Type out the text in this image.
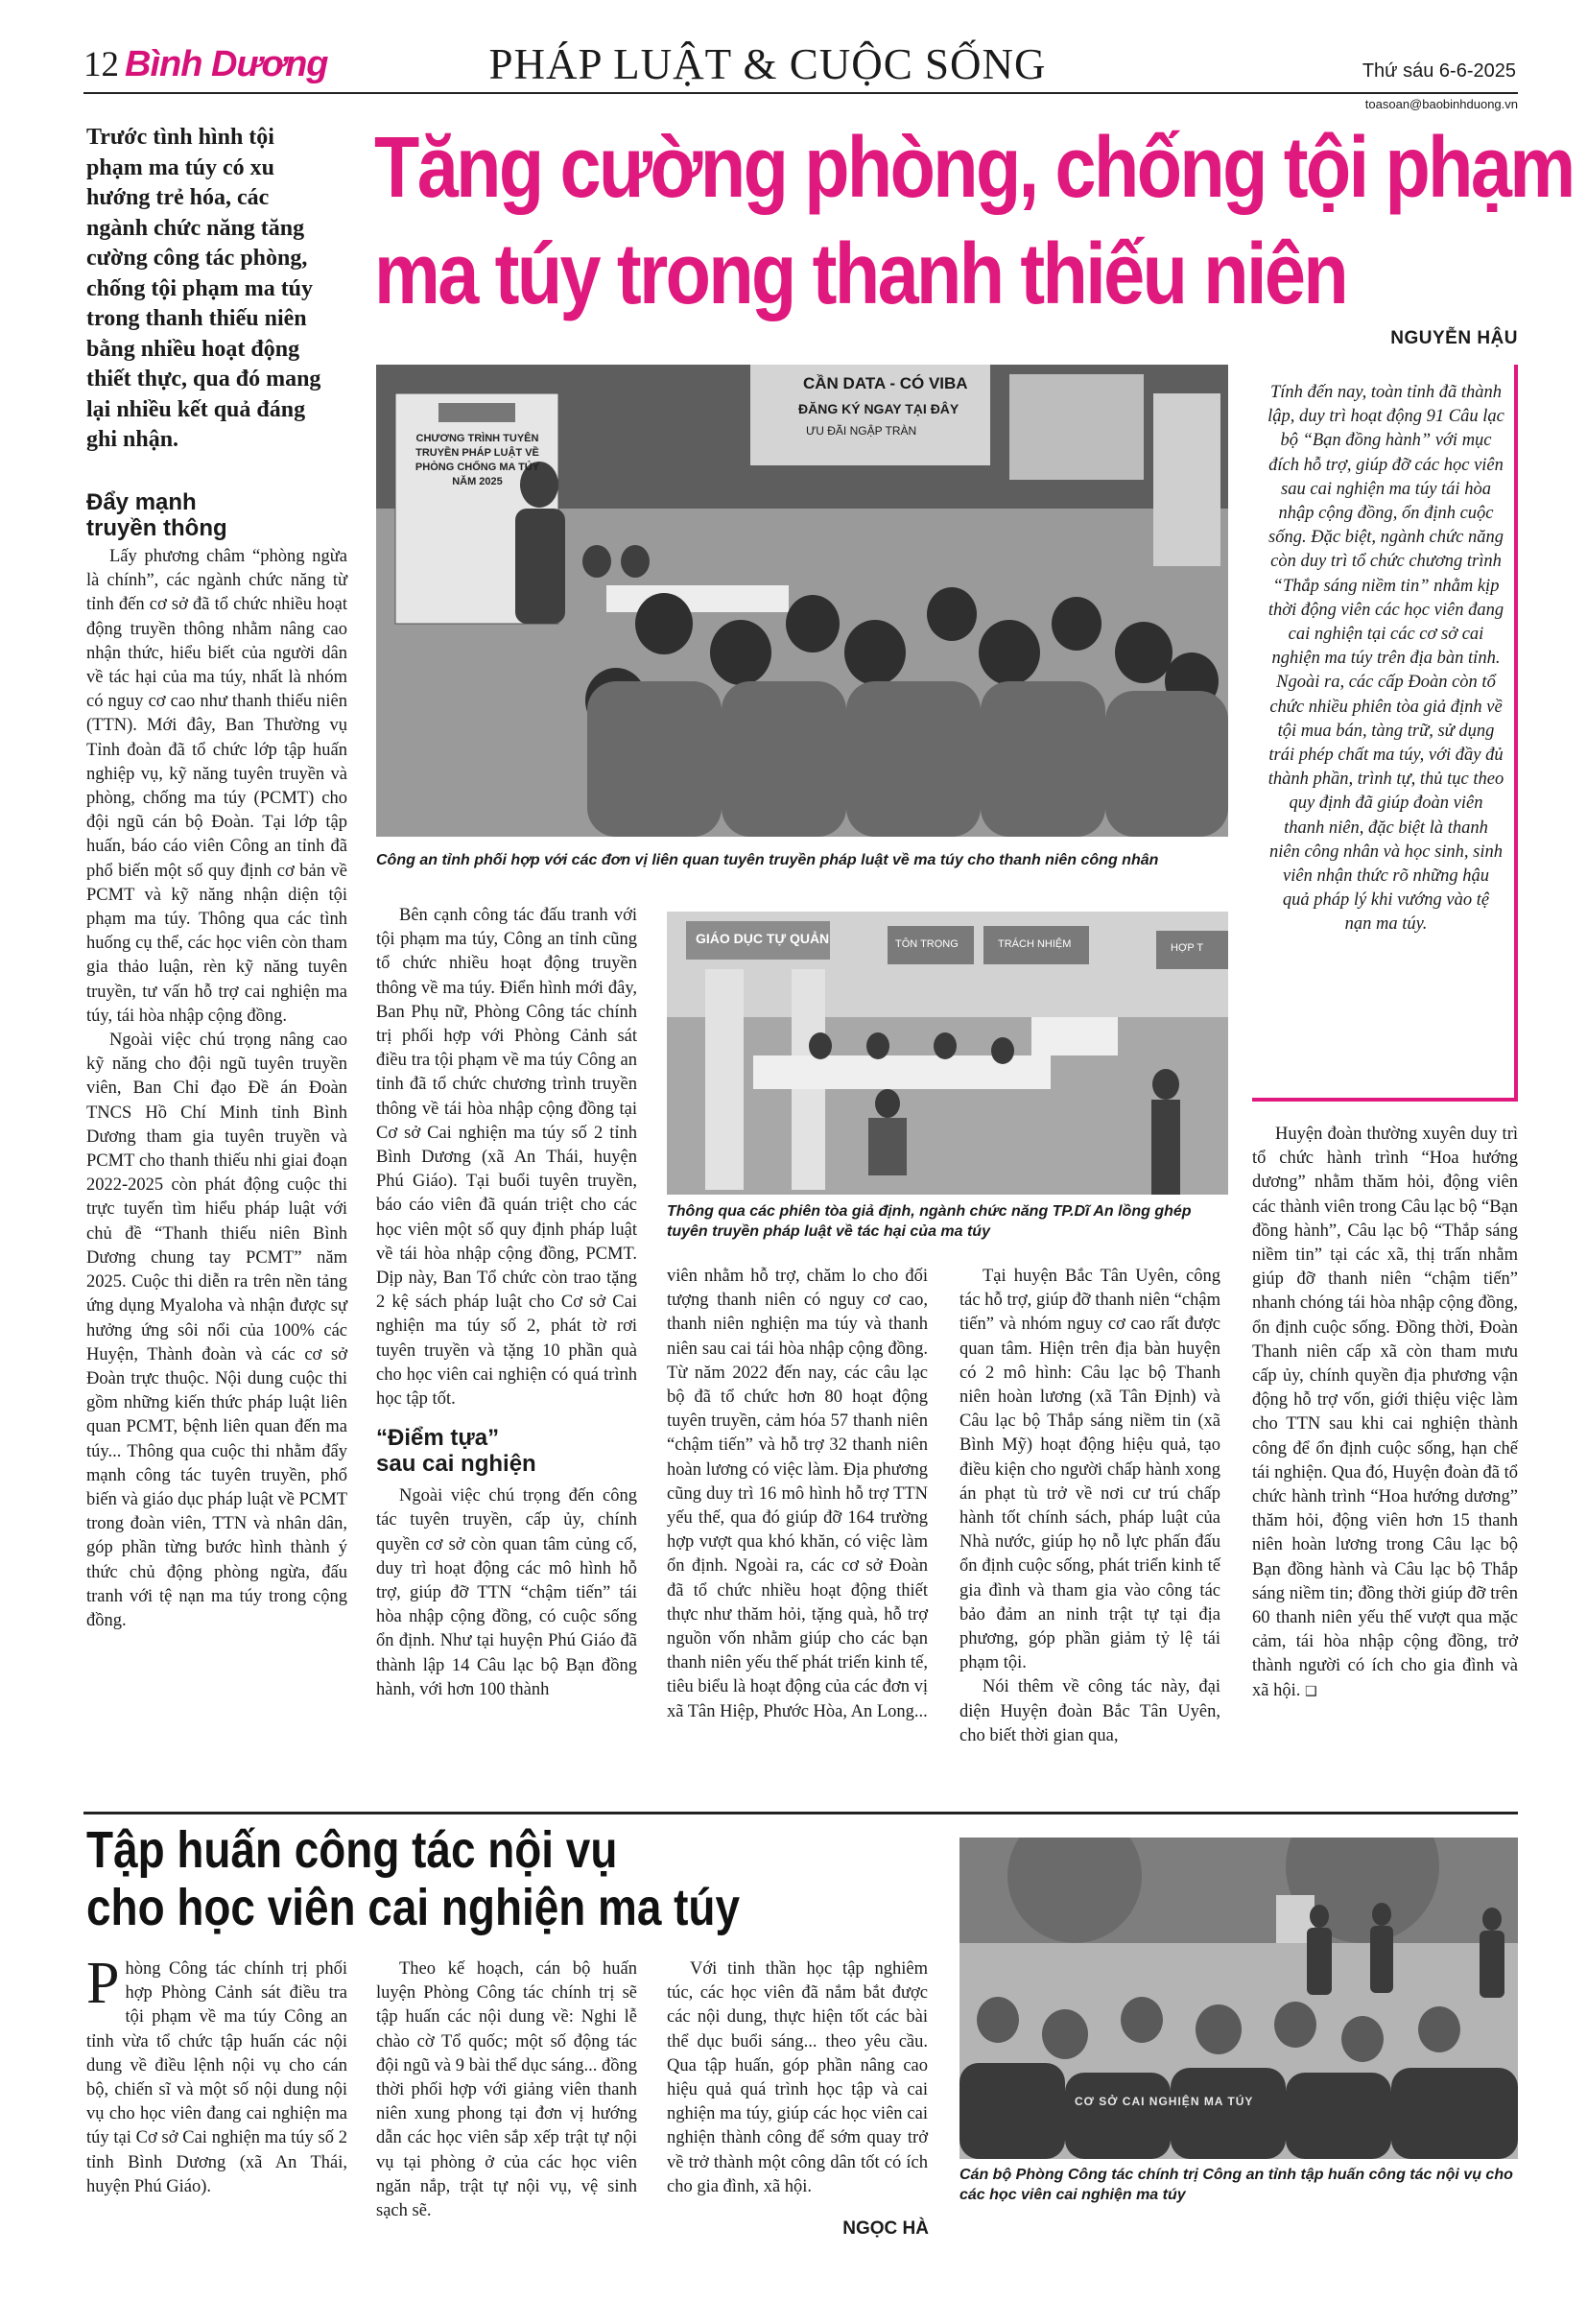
12 Bình Dương	PHÁP LUẬT & CUỘC SỐNG	Thứ sáu 6-6-2025
toasoan@baobinhduong.vn
Tăng cường phòng, chống tội phạm
ma túy trong thanh thiếu niên
NGUYỄN HẬU
Trước tình hình tội phạm ma túy có xu hướng trẻ hóa, các ngành chức năng tăng cường công tác phòng, chống tội phạm ma túy trong thanh thiếu niên bằng nhiều hoạt động thiết thực, qua đó mang lại nhiều kết quả đáng ghi nhận.
Đẩy mạnh
truyền thông

Lấy phương châm “phòng ngừa là chính”, các ngành chức năng từ tỉnh đến cơ sở đã tổ chức nhiều hoạt động truyền thông nhằm nâng cao nhận thức, hiểu biết của người dân về tác hại của ma túy, nhất là nhóm có nguy cơ cao như thanh thiếu niên (TTN). Mới đây, Ban Thường vụ Tỉnh đoàn đã tổ chức lớp tập huấn nghiệp vụ, kỹ năng tuyên truyền và phòng, chống ma túy (PCMT) cho đội ngũ cán bộ Đoàn. Tại lớp tập huấn, báo cáo viên Công an tỉnh đã phổ biến một số quy định cơ bản về PCMT và kỹ năng nhận diện tội phạm ma túy. Thông qua các tình huống cụ thể, các học viên còn tham gia thảo luận, rèn kỹ năng tuyên truyền, tư vấn hỗ trợ cai nghiện ma túy, tái hòa nhập cộng đồng.

Ngoài việc chú trọng nâng cao kỹ năng cho đội ngũ tuyên truyền viên, Ban Chỉ đạo Đề án Đoàn TNCS Hồ Chí Minh tỉnh Bình Dương tham gia tuyên truyền và PCMT cho thanh thiếu nhi giai đoạn 2022-2025 còn phát động cuộc thi trực tuyến tìm hiểu pháp luật với chủ đề “Thanh thiếu niên Bình Dương chung tay PCMT” năm 2025. Cuộc thi diễn ra trên nền tảng ứng dụng Myaloha và nhận được sự hưởng ứng sôi nổi của 100% các Huyện, Thành đoàn và các cơ sở Đoàn trực thuộc. Nội dung cuộc thi gồm những kiến thức pháp luật liên quan PCMT, bệnh liên quan đến ma túy... Thông qua cuộc thi nhằm đẩy mạnh công tác tuyên truyền, phổ biến và giáo dục pháp luật về PCMT trong đoàn viên, TTN và nhân dân, góp phần từng bước hình thành ý thức chủ động phòng ngừa, đấu tranh với tệ nạn ma túy trong cộng đồng.

CẦN DATA - CÓ VIBA
ĐĂNG KÝ NGAY TẠI ĐÂY
ƯU ĐÃI NGẬP TRÀN
CHƯƠNG TRÌNH TUYÊN TRUYỀN PHÁP LUẬT VỀ PHÒNG CHỐNG MA TÚY NĂM 2025
Công an tỉnh phối hợp với các đơn vị liên quan tuyên truyền pháp luật về ma túy cho thanh niên công nhân

Bên cạnh công tác đấu tranh với tội phạm ma túy, Công an tỉnh cũng tổ chức nhiều hoạt động truyền thông về ma túy. Điển hình mới đây, Ban Phụ nữ, Phòng Công tác chính trị phối hợp với Phòng Cảnh sát điều tra tội phạm về ma túy Công an tỉnh đã tổ chức chương trình truyền thông về tái hòa nhập cộng đồng tại Cơ sở Cai nghiện ma túy số 2 tỉnh Bình Dương (xã An Thái, huyện Phú Giáo). Tại buổi tuyên truyền, báo cáo viên đã quán triệt cho các học viên một số quy định pháp luật về tái hòa nhập cộng đồng, PCMT. Dịp này, Ban Tổ chức còn trao tặng 2 kệ sách pháp luật cho Cơ sở Cai nghiện ma túy số 2, phát tờ rơi tuyên truyền và tặng 10 phần quà cho học viên cai nghiện có quá trình học tập tốt.

“Điểm tựa”
sau cai nghiện

Ngoài việc chú trọng đến công tác tuyên truyền, cấp ủy, chính quyền cơ sở còn quan tâm củng cố, duy trì hoạt động các mô hình hỗ trợ, giúp đỡ TTN “chậm tiến” tái hòa nhập cộng đồng, có cuộc sống ổn định. Như tại huyện Phú Giáo đã thành lập 14 Câu lạc bộ Bạn đồng hành, với hơn 100 thành

GIÁO DỤC TỰ QUẢN	TÔN TRỌNG	TRÁCH NHIỆM	HỢP T
Thông qua các phiên tòa giả định, ngành chức năng TP.Dĩ An lồng ghép tuyên truyền pháp luật về tác hại của ma túy

viên nhằm hỗ trợ, chăm lo cho đối tượng thanh niên có nguy cơ cao, thanh niên nghiện ma túy và thanh niên sau cai tái hòa nhập cộng đồng. Từ năm 2022 đến nay, các câu lạc bộ đã tổ chức hơn 80 hoạt động tuyên truyền, cảm hóa 57 thanh niên “chậm tiến” và hỗ trợ 32 thanh niên hoàn lương có việc làm. Địa phương cũng duy trì 16 mô hình hỗ trợ TTN yếu thế, qua đó giúp đỡ 164 trường hợp vượt qua khó khăn, có việc làm ổn định. Ngoài ra, các cơ sở Đoàn đã tổ chức nhiều hoạt động thiết thực như thăm hỏi, tặng quà, hỗ trợ nguồn vốn nhằm giúp cho các bạn thanh niên yếu thế phát triển kinh tế, tiêu biểu là hoạt động của các đơn vị xã Tân Hiệp, Phước Hòa, An Long...

Tại huyện Bắc Tân Uyên, công tác hỗ trợ, giúp đỡ thanh niên “chậm tiến” và nhóm nguy cơ cao rất được quan tâm. Hiện trên địa bàn huyện có 2 mô hình: Câu lạc bộ Thanh niên hoàn lương (xã Tân Định) và Câu lạc bộ Thắp sáng niềm tin (xã Bình Mỹ) hoạt động hiệu quả, tạo điều kiện cho người chấp hành xong án phạt tù trở về nơi cư trú chấp hành tốt chính sách, pháp luật của Nhà nước, giúp họ nỗ lực phấn đấu ổn định cuộc sống, phát triển kinh tế gia đình và tham gia vào công tác bảo đảm an ninh trật tự tại địa phương, góp phần giảm tỷ lệ tái phạm tội.

Nói thêm về công tác này, đại diện Huyện đoàn Bắc Tân Uyên, cho biết thời gian qua,

Tính đến nay, toàn tỉnh đã thành lập, duy trì hoạt động 91 Câu lạc bộ “Bạn đồng hành” với mục đích hỗ trợ, giúp đỡ các học viên sau cai nghiện ma túy tái hòa nhập cộng đồng, ổn định cuộc sống. Đặc biệt, ngành chức năng còn duy trì tổ chức chương trình “Thắp sáng niềm tin” nhằm kịp thời động viên các học viên đang cai nghiện tại các cơ sở cai nghiện ma túy trên địa bàn tỉnh. Ngoài ra, các cấp Đoàn còn tổ chức nhiều phiên tòa giả định về tội mua bán, tàng trữ, sử dụng trái phép chất ma túy, với đầy đủ thành phần, trình tự, thủ tục theo quy định đã giúp đoàn viên thanh niên, đặc biệt là thanh niên công nhân và học sinh, sinh viên nhận thức rõ những hậu quả pháp lý khi vướng vào tệ nạn ma túy.

Huyện đoàn thường xuyên duy trì tổ chức hành trình “Hoa hướng dương” nhằm thăm hỏi, động viên các thành viên trong Câu lạc bộ “Bạn đồng hành”, Câu lạc bộ “Thắp sáng niềm tin” tại các xã, thị trấn nhằm giúp đỡ thanh niên “chậm tiến” nhanh chóng tái hòa nhập cộng đồng, ổn định cuộc sống. Đồng thời, Đoàn Thanh niên cấp xã còn tham mưu cấp ủy, chính quyền địa phương vận động hỗ trợ vốn, giới thiệu việc làm cho TTN sau khi cai nghiện thành công để ổn định cuộc sống, hạn chế tái nghiện. Qua đó, Huyện đoàn đã tổ chức hành trình “Hoa hướng dương” thăm hỏi, động viên hơn 15 thanh niên hoàn lương trong Câu lạc bộ Bạn đồng hành và Câu lạc bộ Thắp sáng niềm tin; đồng thời giúp đỡ trên 60 thanh niên yếu thế vượt qua mặc cảm, tái hòa nhập cộng đồng, trở thành người có ích cho gia đình và xã hội. ❑

Tập huấn công tác nội vụ
cho học viên cai nghiện ma túy

Phòng Công tác chính trị phối hợp Phòng Cảnh sát điều tra tội phạm về ma túy Công an tỉnh vừa tổ chức tập huấn các nội dung về điều lệnh nội vụ cho cán bộ, chiến sĩ và một số nội dung nội vụ cho học viên đang cai nghiện ma túy tại Cơ sở Cai nghiện ma túy số 2 tỉnh Bình Dương (xã An Thái, huyện Phú Giáo).

Theo kế hoạch, cán bộ huấn luyện Phòng Công tác chính trị sẽ tập huấn các nội dung về: Nghi lễ chào cờ Tổ quốc; một số động tác đội ngũ và 9 bài thể dục sáng... đồng thời phối hợp với giảng viên thanh niên xung phong tại đơn vị hướng dẫn các học viên sắp xếp trật tự nội vụ tại phòng ở của các học viên ngăn nắp, trật tự nội vụ, vệ sinh sạch sẽ.

Với tinh thần học tập nghiêm túc, các học viên đã nắm bắt được các nội dung, thực hiện tốt các bài thể dục buổi sáng... theo yêu cầu. Qua tập huấn, góp phần nâng cao hiệu quả quá trình học tập và cai nghiện ma túy, giúp các học viên cai nghiện thành công để sớm quay trở về trở thành một công dân tốt có ích cho gia đình, xã hội.

NGỌC HÀ
CƠ SỞ CAI NGHIỆN MA TÚY
Cán bộ Phòng Công tác chính trị Công an tỉnh tập huấn công tác nội vụ cho các học viên cai nghiện ma túy
